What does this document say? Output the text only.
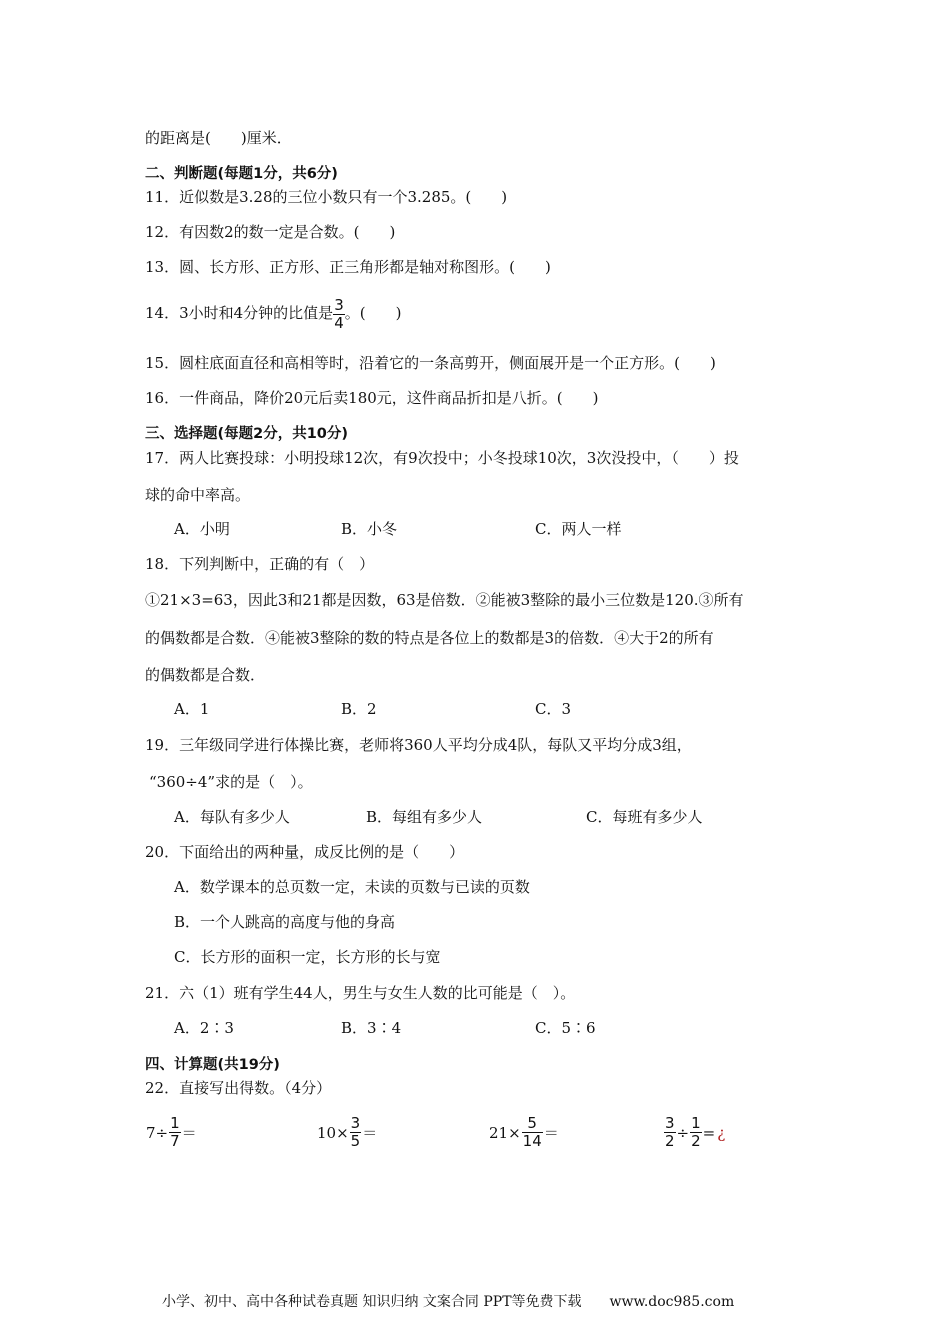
的距离是(　　)厘米．
二、判断题(每题1分，共6分)
11．近似数是3.28的三位小数只有一个3.285。(　　)
12．有因数2的数一定是合数。(　　)
13．圆、长方形、正方形、正三角形都是轴对称图形。(　　)
14．3小时和4分钟的比值是 $\frac{3}{4}$ 。(　　)
15．圆柱底面直径和高相等时，沿着它的一条高剪开，侧面展开是一个正方形。(　　)
16．一件商品，降价20元后卖180元，这件商品折扣是八折。(　　)
三、选择题(每题2分，共10分)
17．两人比赛投球：小明投球12次，有9次投中；小冬投球10次，3次没投中，（　　）投
球的命中率高。
A．小明	B．小冬	C．两人一样
18．下列判断中，正确的有（　）
①21×3=63，因此3和21都是因数，63是倍数．②能被3整除的最小三位数是120.③所有
的偶数都是合数．④能被3整除的数的特点是各位上的数都是3的倍数．④大于2的所有
的偶数都是合数．
A．1	B．2	C．3
19．三年级同学进行体操比赛，老师将360人平均分成4队，每队又平均分成3组，
“360÷4”求的是（　）。
A．每队有多少人	B．每组有多少人	C．每班有多少人
20．下面给出的两种量，成反比例的是（　　）
A．数学课本的总页数一定，未读的页数与已读的页数
B．一个人跳高的高度与他的身高
C．长方形的面积一定，长方形的长与宽
21．六（1）班有学生44人，男生与女生人数的比可能是（　）。
A．2∶3	B．3∶4	C．5∶6
四、计算题(共19分)
22．直接写出得数。（4分）
$7\div \frac{1}{7}$ ＝	$10\times \frac{3}{5}$ ＝	$21\times \frac{5}{14}$ ＝	$\frac{3}{2} \div \frac{1}{2}$ = ¿
小学、初中、高中各种试卷真题 知识归纳 文案合同 PPT等免费下载　　www.doc985.com
